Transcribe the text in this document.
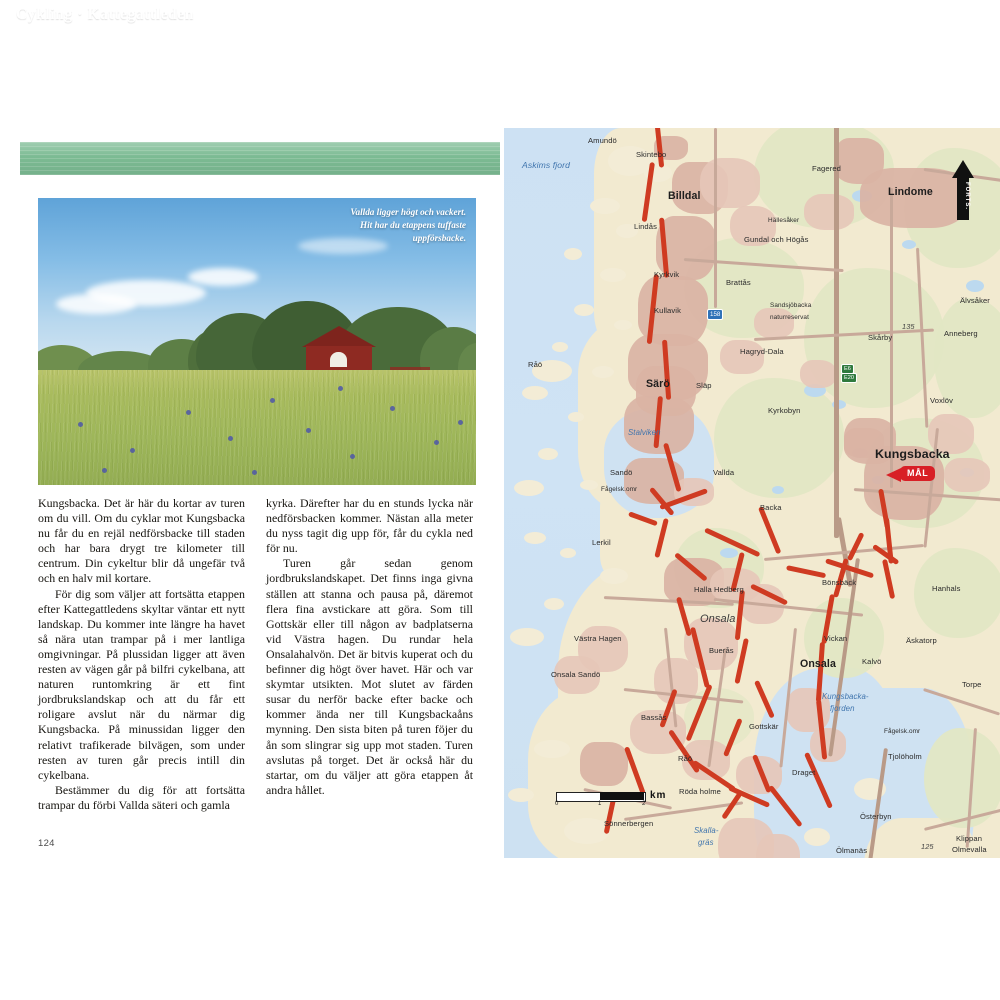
Cykling · Kattegattleden
Vallda ligger högt och vackert. Hit har du etappens tuffaste uppförsbacke.

Kungsbacka. Det är här du kortar av turen om du vill. Om du cyklar mot Kungsbacka nu får du en rejäl nedförsbacke till staden och har bara drygt tre kilometer till centrum. Din cykeltur blir då ungefär två och en halv mil kortare.

För dig som väljer att fortsätta etappen efter Kattegattledens skyltar väntar ett nytt landskap. Du kommer inte längre ha havet så nära utan trampar på i mer lantliga omgivningar. På plussidan ligger att även resten av vägen går på bilfri cykelbana, att naturen runtomkring är ett fint jordbrukslandskap och att du får ett roligare avslut när du närmar dig Kungsbacka. På minussidan ligger den relativt trafikerade bilvägen, som under resten av turen går precis intill din cykelbana.

Bestämmer du dig för att fortsätta trampar du förbi Vallda säteri och gamla

kyrka. Därefter har du en stunds lycka när nedförsbacken kommer. Nästan alla meter du nyss tagit dig upp för, får du cykla ned för nu.

Turen går sedan genom jordbrukslandskapet. Det finns inga givna ställen att stanna och pausa på, däremot flera fina avstickare att göra. Som till Gottskär eller till någon av badplatserna vid Västra hagen. Du rundar hela Onsalahalvön. Det är bitvis kuperat och du befinner dig högt över havet. Här och var skymtar utsikten. Mot slutet av färden susar du nerför backe efter backe och kommer ända ner till Kungsbackaåns mynning. Den sista biten på turen föjer du ån som slingrar sig upp mot staden. Turen avslutas på torget. Det är också här du startar, om du väljer att göra etappen åt andra hållet.

124
Amundö
Skintebo
Billdal
Fagered
Lindome
Lindås
Hällesåker
Gundal och Högås
Kyrkvik
Brattås
Sandsjöbacka
naturreservat
Älvsåker
Kullavik
135
Anneberg
Skårby
Hagryd-Dala
Råö
Särö	Släp
Voxlöv
Kyrkobyn
Kungsbacka
Vallda
Sandö
Fågelsk.omr
Backa
Lerkil
Halla Hedberg
Bönsbäck
Hanhals
Västra Hagen	Vickan	Äskatorp
Buerås
Onsala	Kalvö
Onsala Sandö
Torpe
Bassås
Gottskär
Fågelsk.omr
Tjolöholm
Råö
Draget
Röda holme
Österbyn
Sönnerbergen
Ölmanäs
Klippan
Olmevalla
125
Askims fjord
Stalviken
Kungsbacka-
fjorden
Skalla-
gräs
Onsala
158
E6
E20
MÅL
FORTS.
0	1	2
km
